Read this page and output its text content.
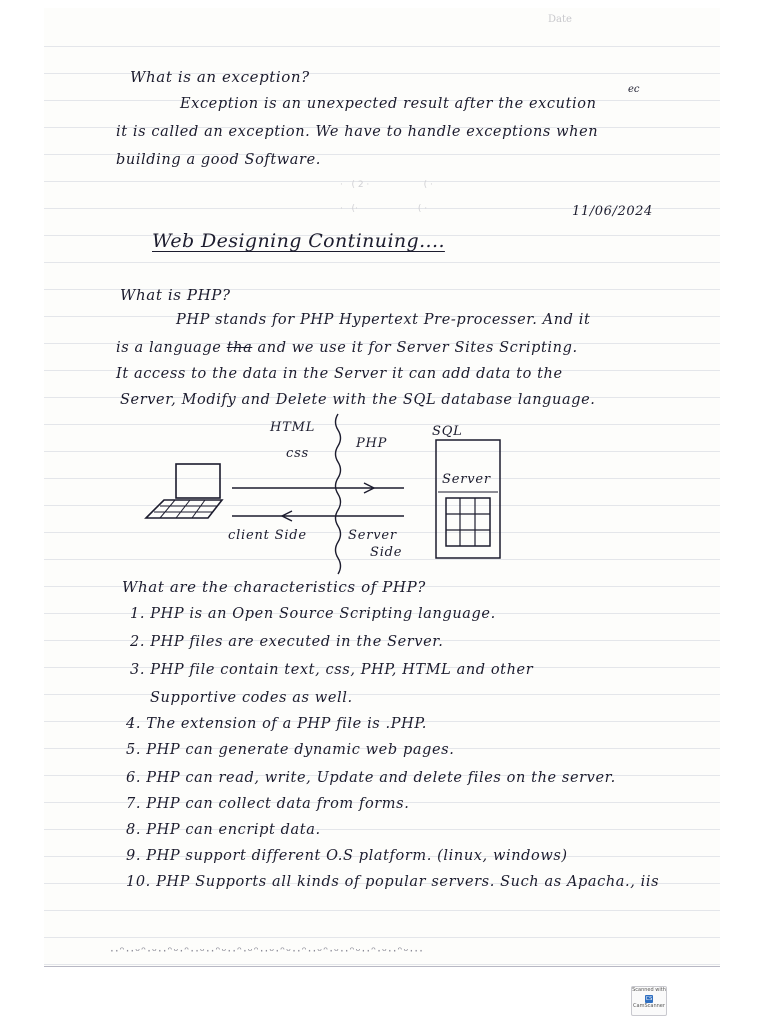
Date
What is an exception?
ec
Exception is an unexpected result after the excution
it is called an exception. We have to handle exceptions when
building a good Software.
·   ( 2 ·                   ( ·
·   (·                     ( ·	11/06/2024
Web Designing Continuing....
What is PHP?
PHP stands for PHP Hypertext Pre-processer. And it
is a language tha and we use it for Server Sites Scripting.
It access to the data in the Server it can add data to the
Server, Modify and Delete with the SQL database language.
HTML
css
PHP
SQL
Server
client Side	Server
Side
What are the characteristics of PHP?
1. PHP is an Open Source Scripting language.
2. PHP files are executed in the Server.
3. PHP file contain text, css, PHP, HTML and other
Supportive codes as well.
4. The extension of a PHP file is .PHP.
5. PHP can generate dynamic web pages.
6. PHP can read, write, Update and delete files on the server.
7. PHP can collect data from forms.
8. PHP can encript data.
9. PHP support different O.S platform. (linux, windows)
10. PHP Supports all kinds of popular servers. Such as Apacha., iis
··ᵔ··ᵕᵔ·ᵕ··ᵔᵕ·ᵔ··ᵕ··ᵔᵕ··ᵔ·ᵕᵔ··ᵕ·ᵔᵕ··ᵔ··ᵕᵔ·ᵕ··ᵔᵕ··ᵔ·ᵕ··ᵔᵕ···
Scanned with
CS
CamScanner
